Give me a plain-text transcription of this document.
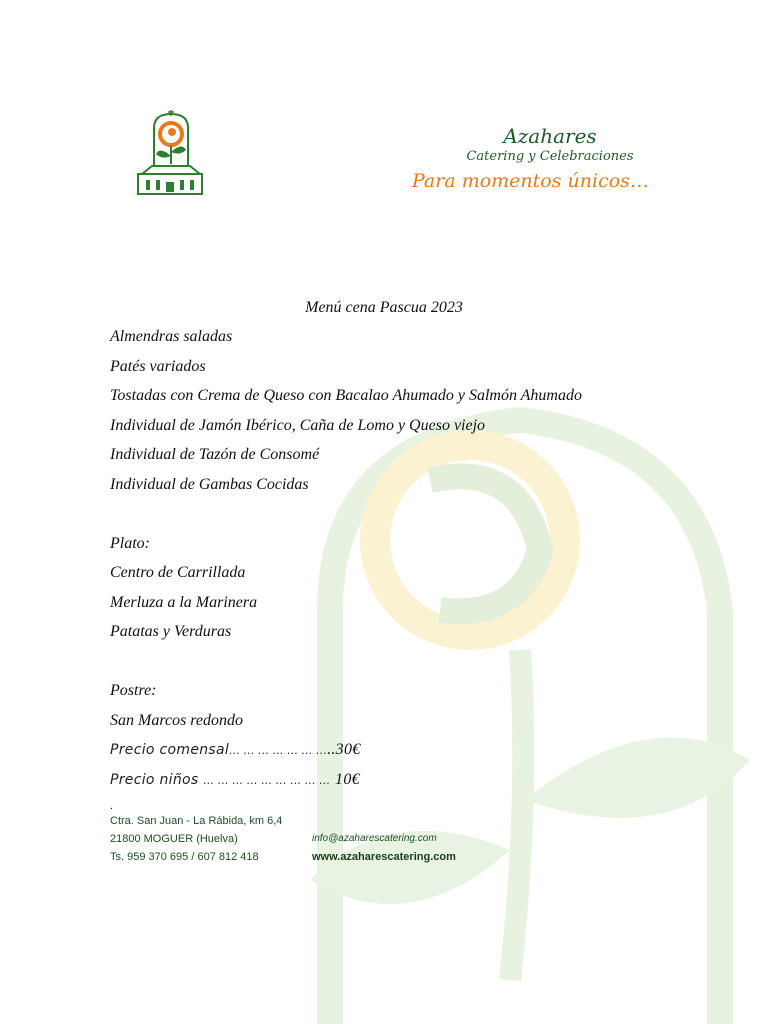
Azahares
Catering y Celebraciones
Para momentos únicos…
Menú cena Pascua 2023
Almendras saladas
Patés variados
Tostadas con Crema de Queso con Bacalao Ahumado y Salmón Ahumado
Individual de Jamón Ibérico, Caña de Lomo y Queso viejo
Individual de Tazón de Consomé
Individual de Gambas Cocidas
Plato:
Centro de Carrillada
Merluza a la Marinera
Patatas y Verduras
Postre:
San Marcos redondo
Precio comensal… … … … … … …..30€
Precio niños … … … … … … … … … 10€
.
Ctra. San Juan - La Rábida, km 6,4
21800 MOGUER (Huelva)	info@azaharescatering.com
Ts. 959 370 695 / 607 812 418	www.azaharescatering.com
